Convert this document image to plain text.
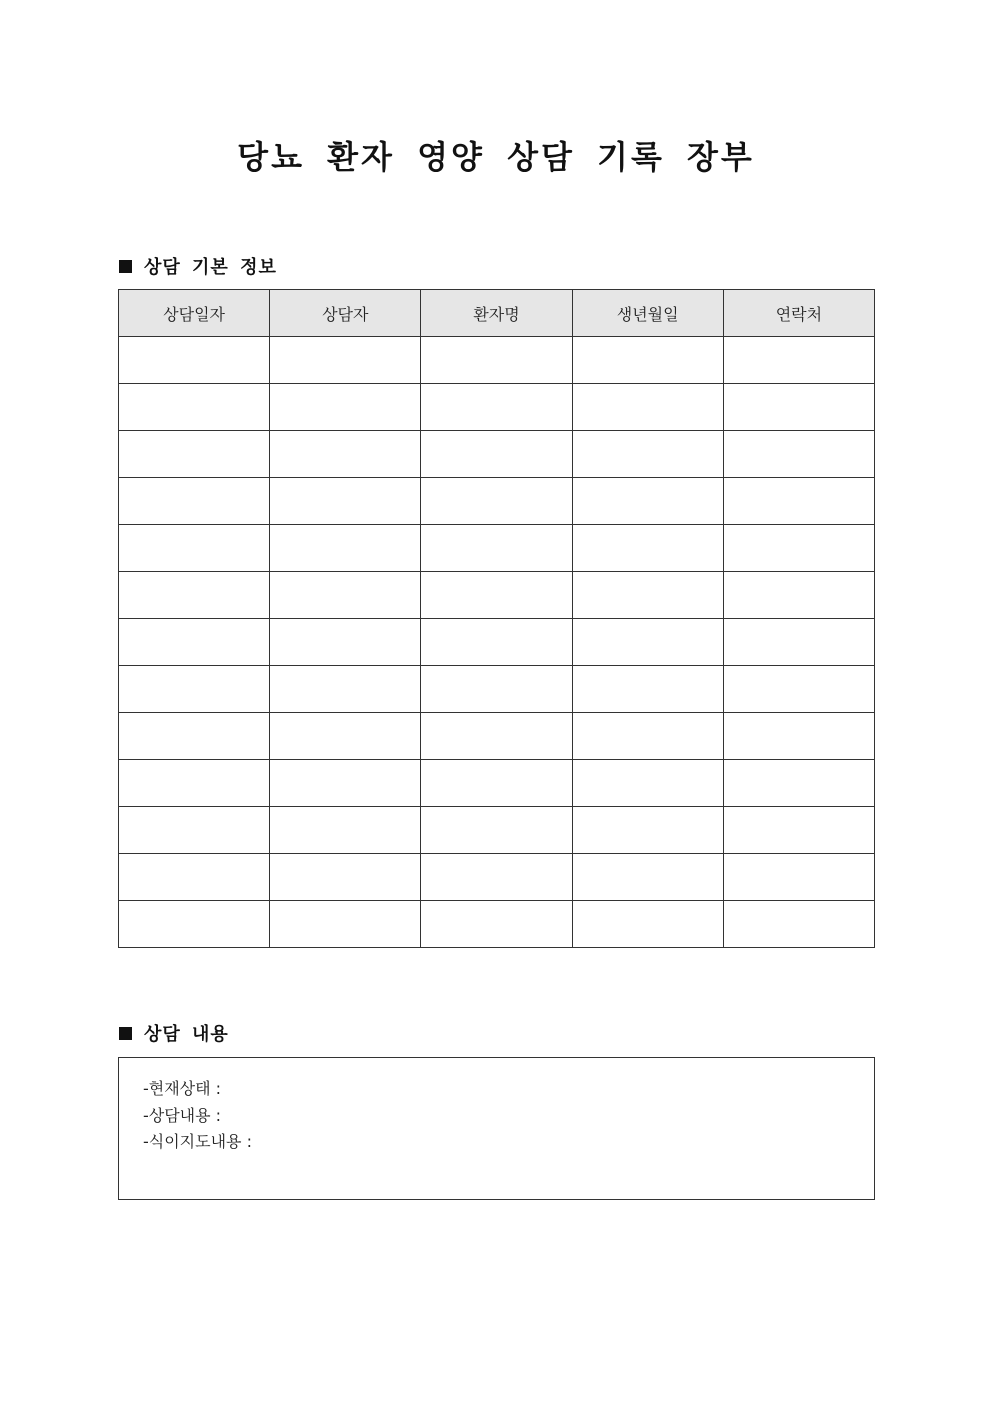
당뇨 환자 영양 상담 기록 장부
상담 기본 정보
상담일자	상담자	환자명	생년월일	연락처

상담 내용
-현재상태 :
-상담내용 :
-식이지도내용 :
